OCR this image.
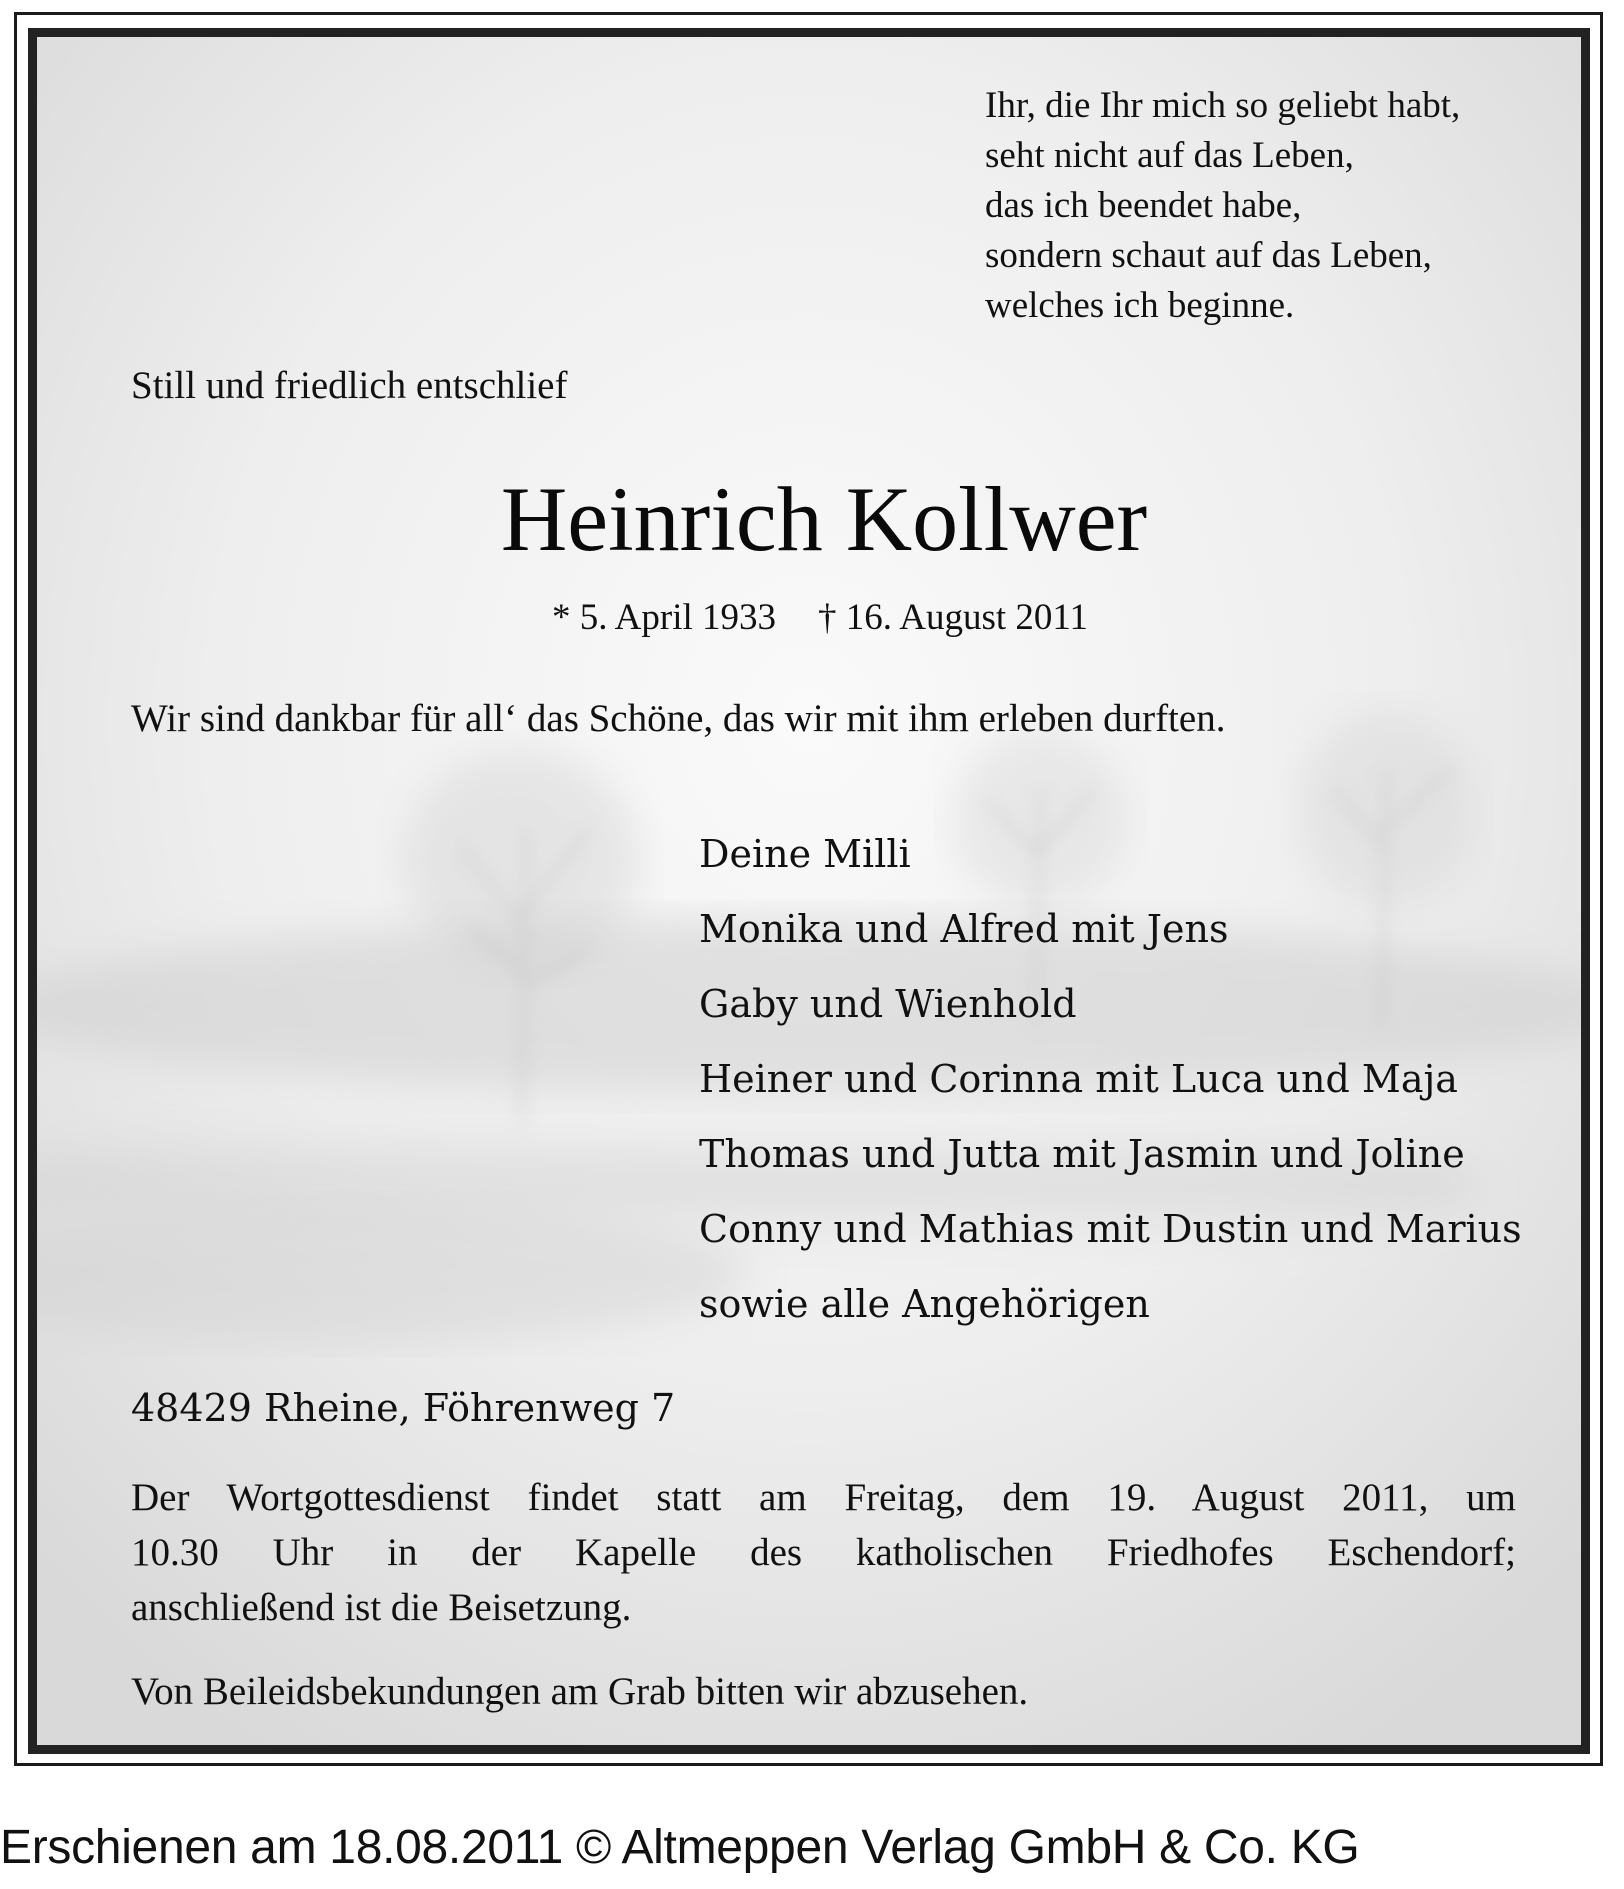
Ihr, die Ihr mich so geliebt habt,
seht nicht auf das Leben,
das ich beendet habe,
sondern schaut auf das Leben,
welches ich beginne.
Still und friedlich entschlief
Heinrich Kollwer
* 5. April 1933 † 16. August 2011
Wir sind dankbar für all‘ das Schöne, das wir mit ihm erleben durften.
Deine Milli
Monika und Alfred mit Jens
Gaby und Wienhold
Heiner und Corinna mit Luca und Maja
Thomas und Jutta mit Jasmin und Joline
Conny und Mathias mit Dustin und Marius
sowie alle Angehörigen
48429 Rheine, Föhrenweg 7
Der Wortgottesdienst findet statt am Freitag, dem 19. August 2011, um
10.30 Uhr in der Kapelle des katholischen Friedhofes Eschendorf;
anschließend ist die Beisetzung.
Von Beileidsbekundungen am Grab bitten wir abzusehen.
Erschienen am 18.08.2011 © Altmeppen Verlag GmbH & Co. KG
